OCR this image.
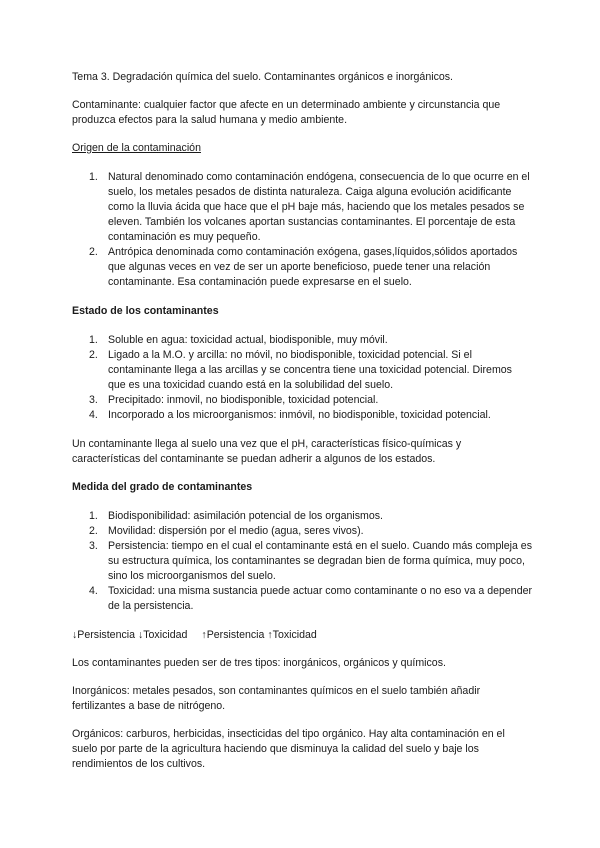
Tema 3. Degradación química del suelo. Contaminantes orgánicos e inorgánicos.

Contaminante: cualquier factor que afecte en un determinado ambiente y circunstancia que produzca efectos para la salud humana y medio ambiente.

Origen de la contaminación

1. Natural denominado como contaminación endógena, consecuencia de lo que ocurre en el suelo, los metales pesados de distinta naturaleza. Caiga alguna evolución acidificante como la lluvia ácida que hace que el pH baje más, haciendo que los metales pesados se eleven. También los volcanes aportan sustancias contaminantes. El porcentaje de esta contaminación es muy pequeño.
2. Antrópica denominada como contaminación exógena, gases,líquidos,sólidos aportados que algunas veces en vez de ser un aporte beneficioso, puede tener una relación contaminante. Esa contaminación puede expresarse en el suelo.

Estado de los contaminantes

1. Soluble en agua: toxicidad actual, biodisponible, muy móvil.
2. Ligado a la M.O. y arcilla: no móvil, no biodisponible, toxicidad potencial. Si el contaminante llega a las arcillas y se concentra tiene una toxicidad potencial. Diremos que es una toxicidad cuando está en la solubilidad del suelo.
3. Precipitado: inmovil, no biodisponible, toxicidad potencial.
4. Incorporado a los microorganismos: inmóvil, no biodisponible, toxicidad potencial.

Un contaminante llega al suelo una vez que el pH, características físico-químicas y características del contaminante se puedan adherir a algunos de los estados.

Medida del grado de contaminantes

1. Biodisponibilidad: asimilación potencial de los organismos.
2. Movilidad: dispersión por el medio (agua, seres vivos).
3. Persistencia: tiempo en el cual el contaminante está en el suelo. Cuando más compleja es su estructura química, los contaminantes se degradan bien de forma química, muy poco, sino los microorganismos del suelo.
4. Toxicidad: una misma sustancia puede actuar como contaminante o no eso va a depender de la persistencia.

↓Persistencia ↓Toxicidad ↑Persistencia ↑Toxicidad

Los contaminantes pueden ser de tres tipos: inorgánicos, orgánicos y químicos.

Inorgánicos: metales pesados, son contaminantes químicos en el suelo también añadir fertilizantes a base de nitrógeno.

Orgánicos: carburos, herbicidas, insecticidas del tipo orgánico. Hay alta contaminación en el suelo por parte de la agricultura haciendo que disminuya la calidad del suelo y baje los rendimientos de los cultivos.
